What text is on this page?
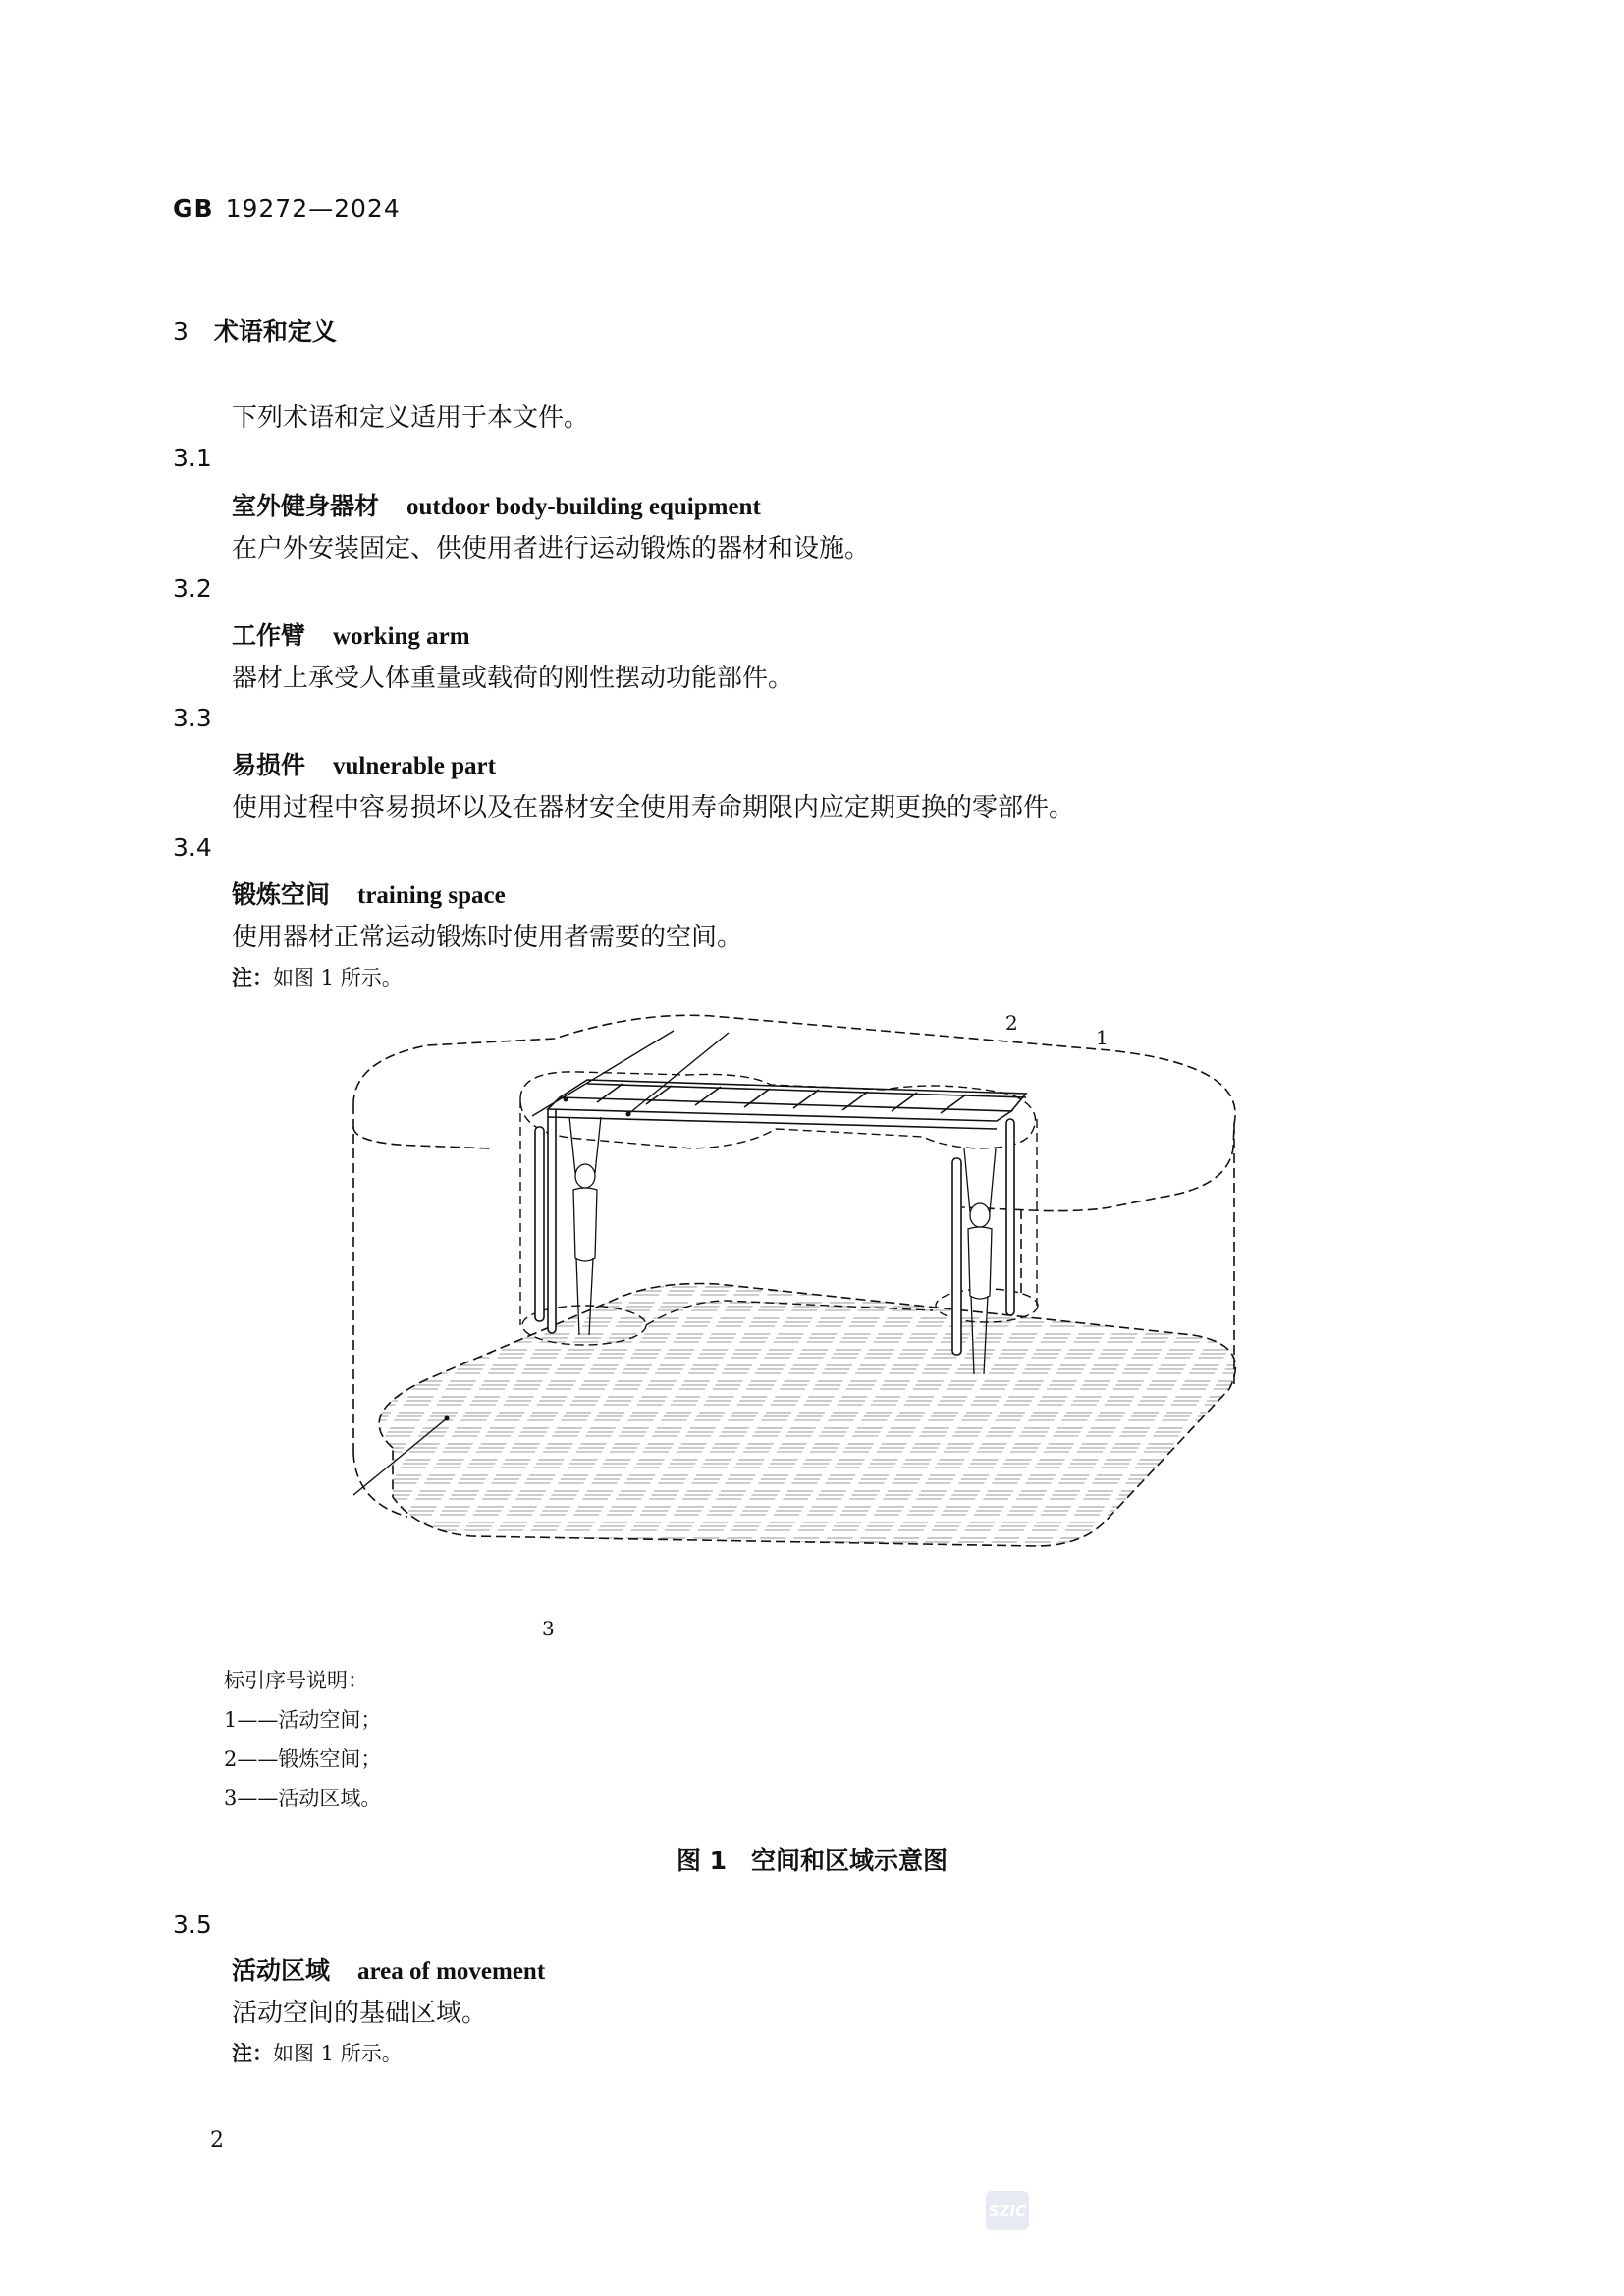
GB 19272—2024
3 术语和定义
下列术语和定义适用于本文件。
3.1
室外健身器材 outdoor body-building equipment
在户外安装固定、供使用者进行运动锻炼的器材和设施。
3.2
工作臂 working arm
器材上承受人体重量或载荷的刚性摆动功能部件。
3.3
易损件 vulnerable part
使用过程中容易损坏以及在器材安全使用寿命期限内应定期更换的零部件。
3.4
锻炼空间 training space
使用器材正常运动锻炼时使用者需要的空间。
注：如图 1 所示。
2
1
3
标引序号说明：
1——活动空间；
2——锻炼空间；
3——活动区域。
图 1　空间和区域示意图
3.5
活动区域 area of movement
活动空间的基础区域。
注：如图 1 所示。
2
SZIC
